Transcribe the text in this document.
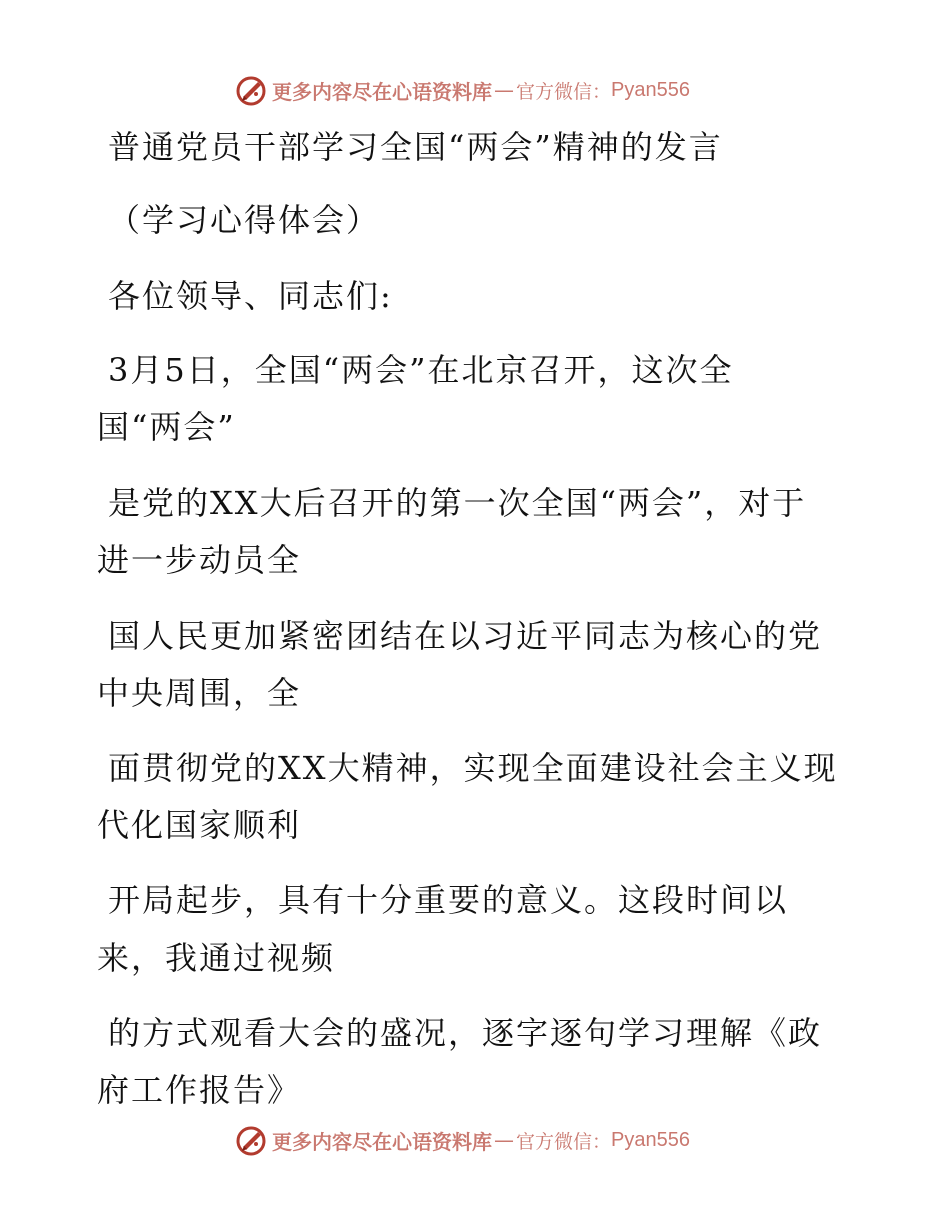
更多内容尽在心语资料库 — 官方微信： Pyan556
普通党员干部学习全国“两会”精神的发言
（学习心得体会）
各位领导、同志们:
3月5日，全国“两会”在北京召开，这次全
国“两会”
是党的XX大后召开的第一次全国“两会”，对于
进一步动员全
国人民更加紧密团结在以习近平同志为核心的党
中央周围，全
面贯彻党的XX大精神，实现全面建设社会主义现
代化国家顺利
开局起步，具有十分重要的意义。这段时间以
来，我通过视频
的方式观看大会的盛况，逐字逐句学习理解《政
府工作报告》
更多内容尽在心语资料库 — 官方微信： Pyan556
